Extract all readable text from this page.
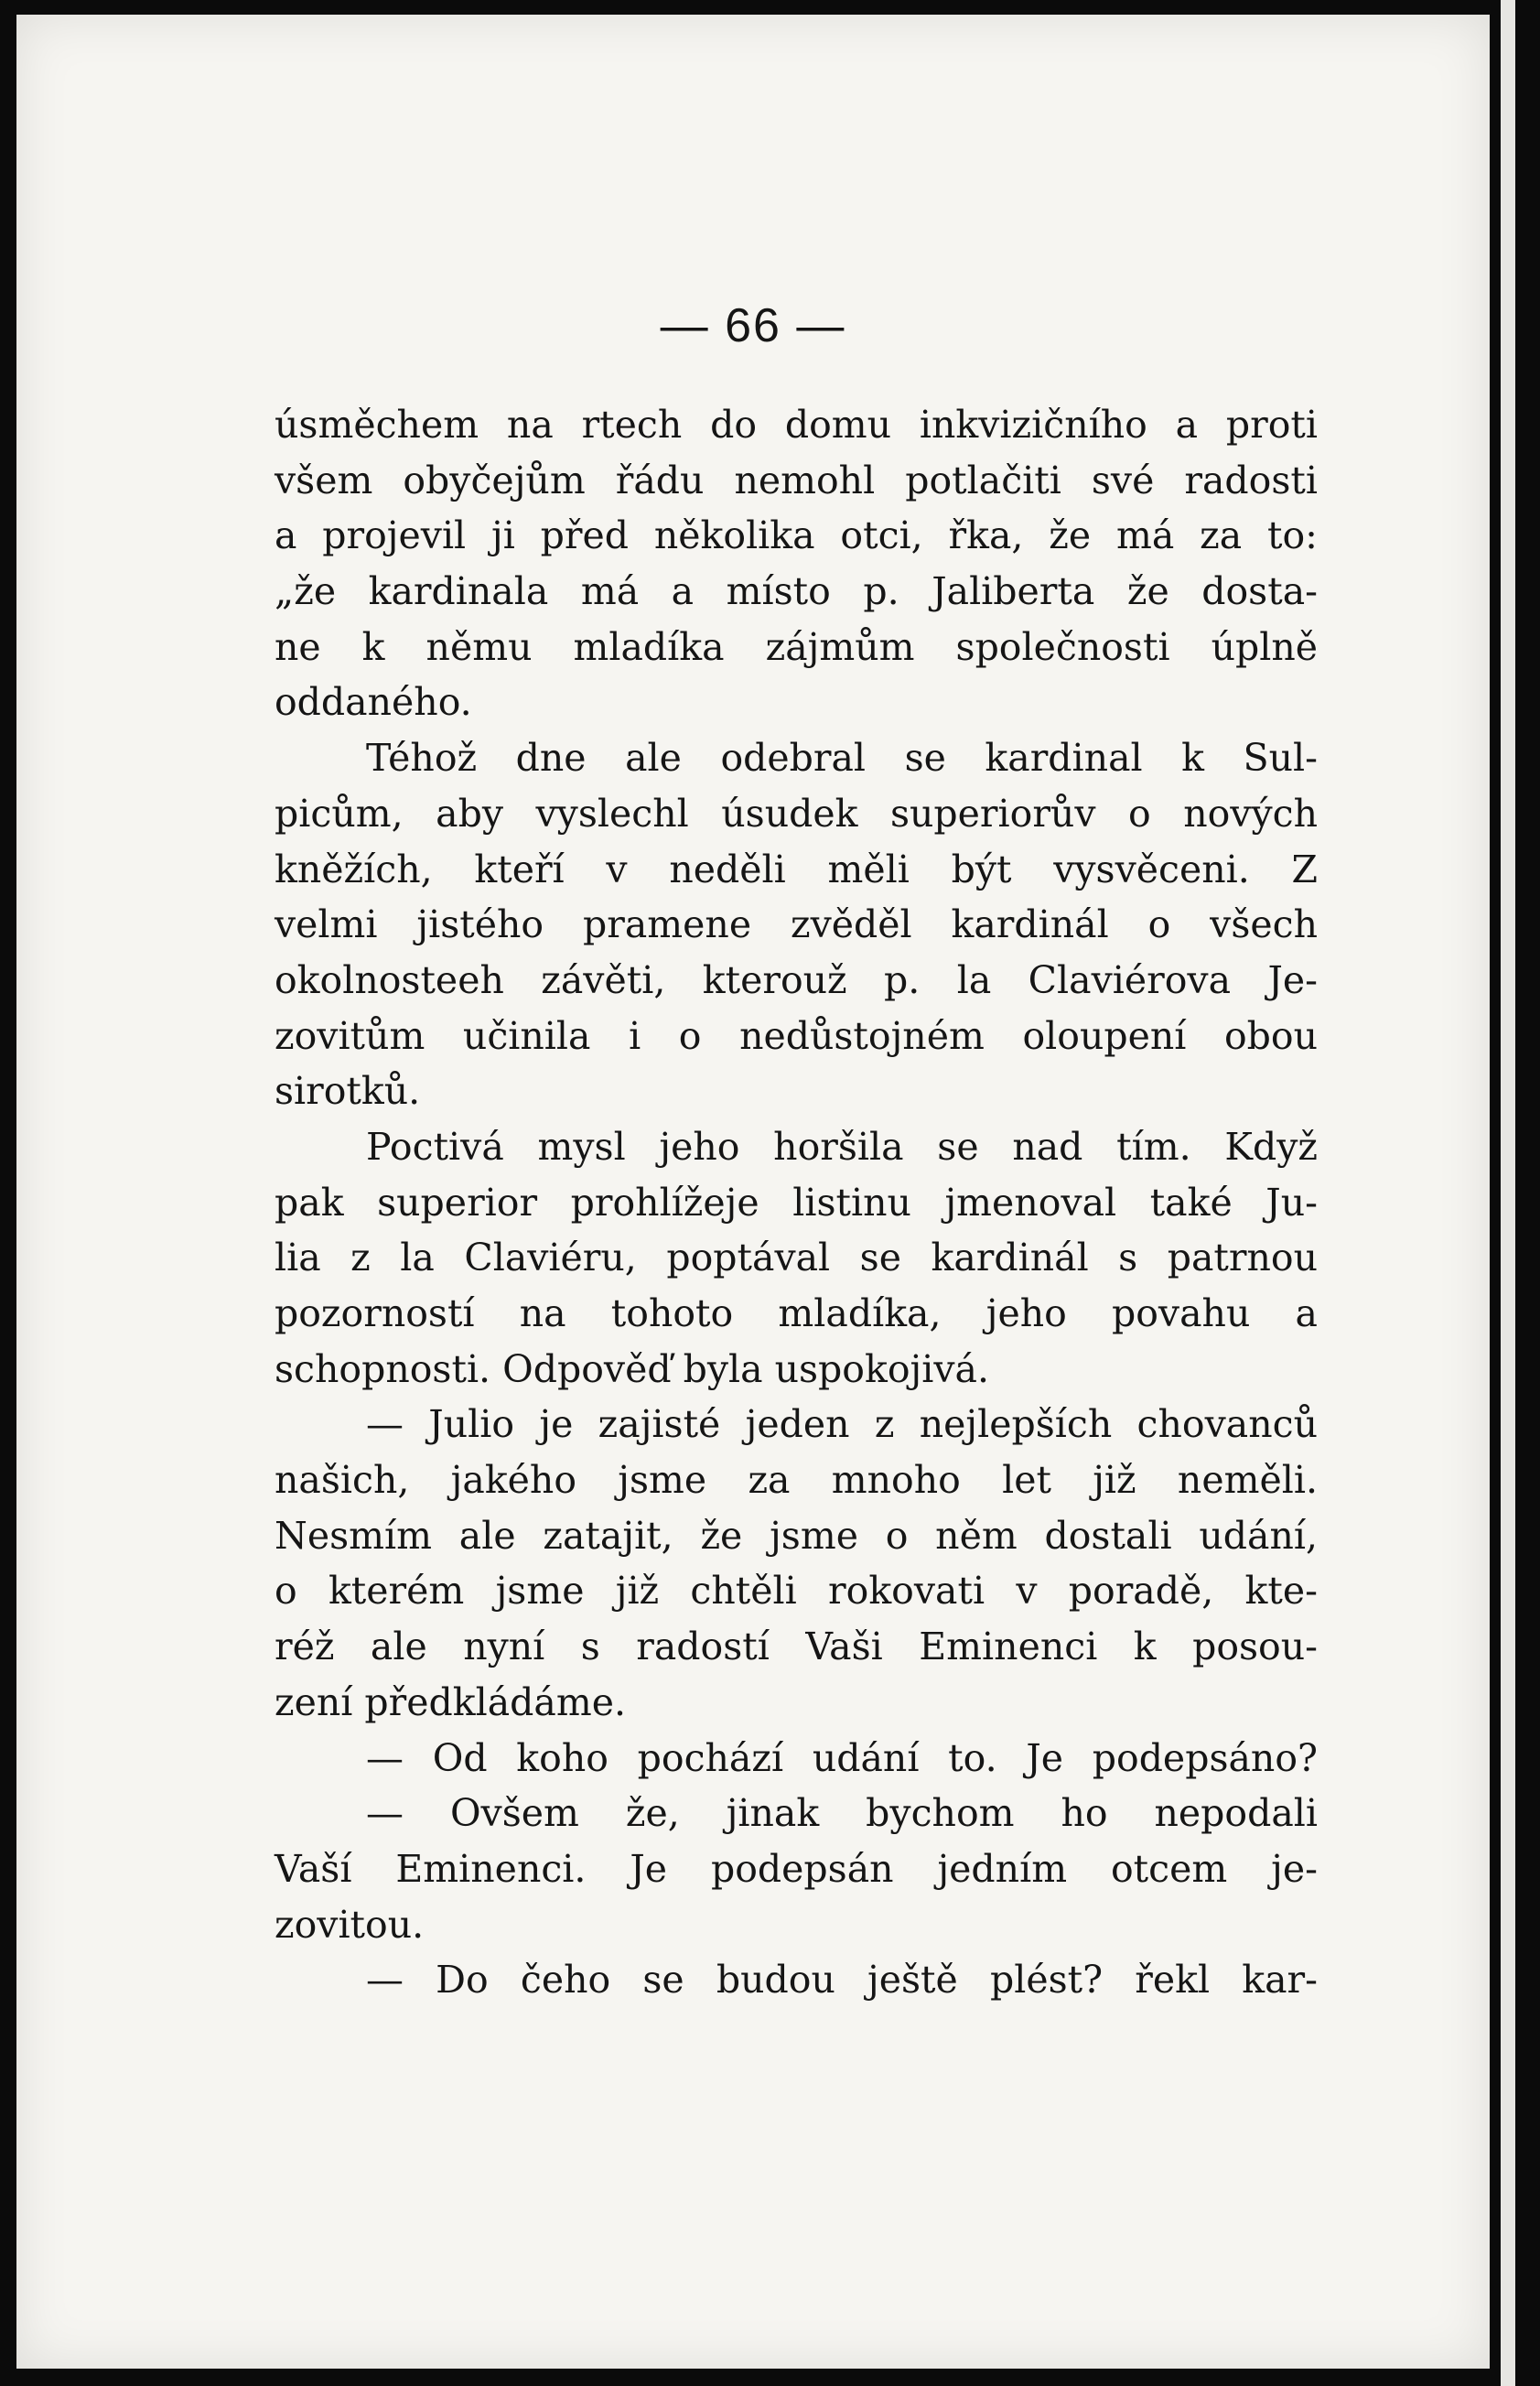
— 66 —
úsměchem na rtech do domu inkvizičního a proti
všem obyčejům řádu nemohl potlačiti své radosti
a projevil ji před několika otci, řka, že má za to:
„že kardinala má a místo p. Jaliberta že dosta-
ne k němu mladíka zájmům společnosti úplně
oddaného.
Téhož dne ale odebral se kardinal k Sul-
picům, aby vyslechl úsudek superiorův o nových
kněžích, kteří v neděli měli být vysvěceni. Z
velmi jistého pramene zvěděl kardinál o všech
okolnosteeh závěti, kterouž p. la Claviérova Je-
zovitům učinila i o nedůstojném oloupení obou
sirotků.
Poctivá mysl jeho horšila se nad tím. Když
pak superior prohlížeje listinu jmenoval také Ju-
lia z la Claviéru, poptával se kardinál s patrnou
pozorností na tohoto mladíka, jeho povahu a
schopnosti. Odpověď byla uspokojivá.
— Julio je zajisté jeden z nejlepších chovanců
našich, jakého jsme za mnoho let již neměli.
Nesmím ale zatajit, že jsme o něm dostali udání,
o kterém jsme již chtěli rokovati v poradě, kte-
réž ale nyní s radostí Vaši Eminenci k posou-
zení předkládáme.
— Od koho pochází udání to. Je podepsáno?
— Ovšem že, jinak bychom ho nepodali
Vaší Eminenci. Je podepsán jedním otcem je-
zovitou.
— Do čeho se budou ještě plést? řekl kar-
